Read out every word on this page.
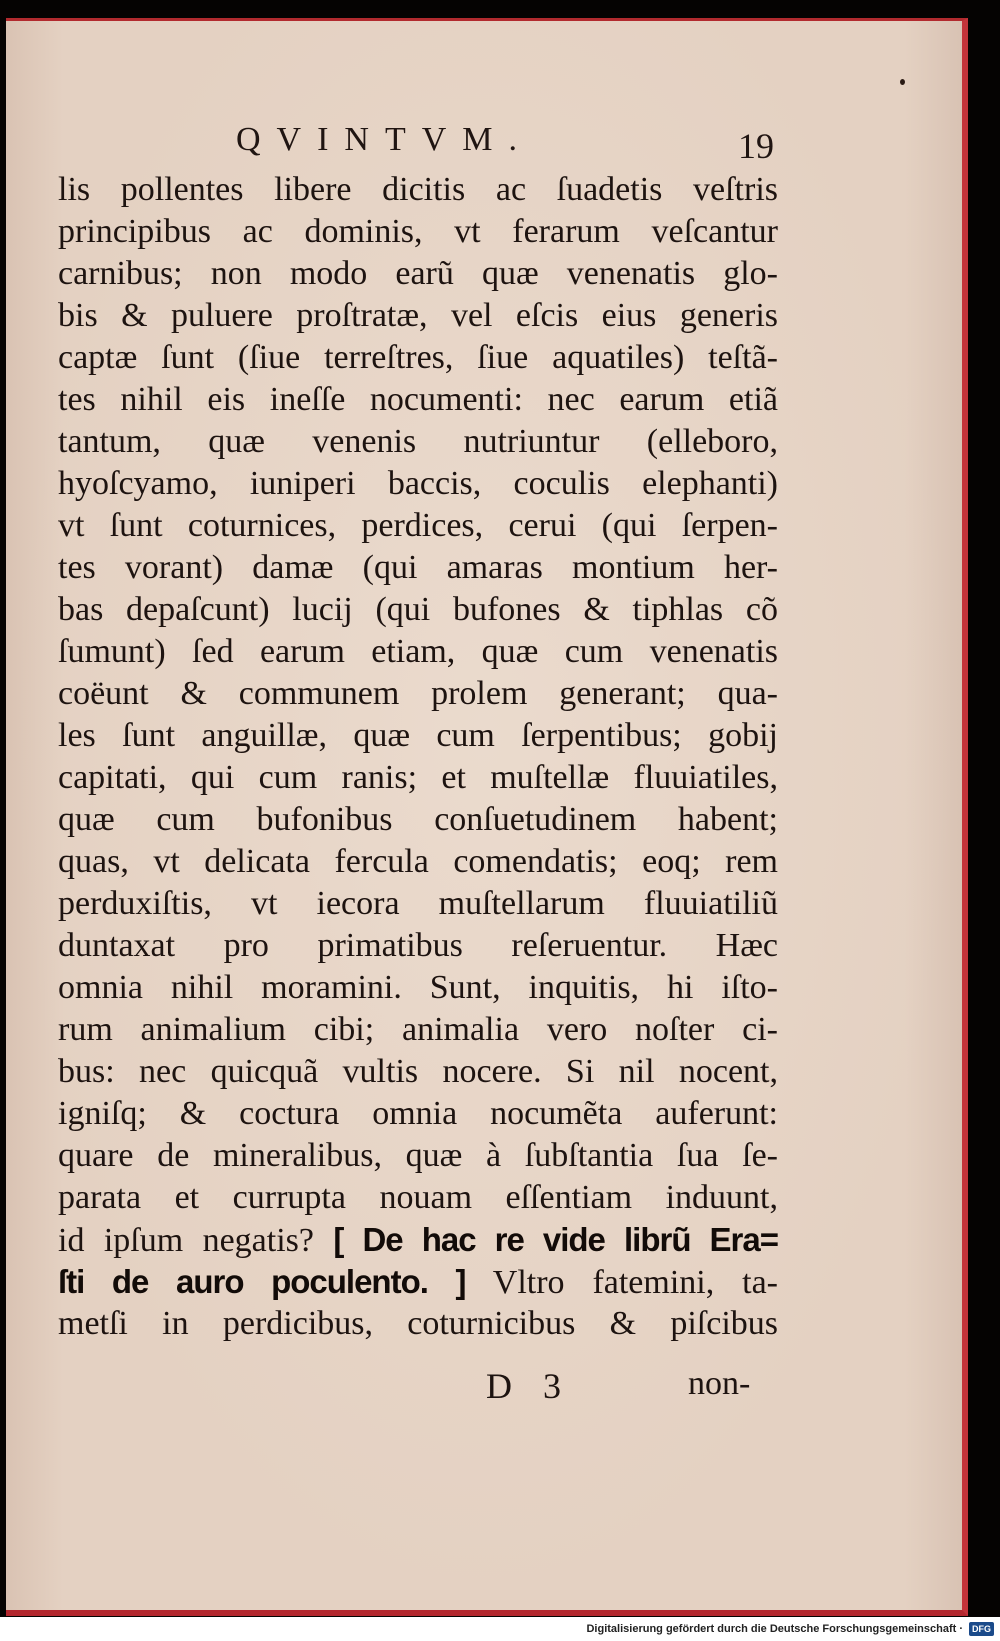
QVINTVM.	19
lis pollentes libere dicitis ac ſuadetis veſtris
principibus ac dominis, vt ferarum veſcantur
carnibus; non modo earũ quæ venenatis glo-
bis & puluere proſtratæ, vel eſcis eius generis
captæ ſunt (ſiue terreſtres, ſiue aquatiles) teſtã-
tes nihil eis ineſſe nocumenti: nec earum etiã
tantum, quæ venenis nutriuntur (elleboro,
hyoſcyamo, iuniperi baccis, coculis elephanti)
vt ſunt coturnices, perdices, cerui (qui ſerpen-
tes vorant) damæ (qui amaras montium her-
bas depaſcunt) lucij (qui bufones & tiphlas cõ
ſumunt) ſed earum etiam, quæ cum venenatis
coëunt & communem prolem generant; qua-
les ſunt anguillæ, quæ cum ſerpentibus; gobij
capitati, qui cum ranis; et muſtellæ fluuiatiles,
quæ cum bufonibus conſuetudinem habent;
quas, vt delicata fercula comendatis; eoq; rem
perduxiſtis, vt iecora muſtellarum fluuiatiliũ
duntaxat pro primatibus reſeruentur. Hæc
omnia nihil moramini. Sunt, inquitis, hi iſto-
rum animalium cibi; animalia vero noſter ci-
bus: nec quicquã vultis nocere. Si nil nocent,
igniſq; & coctura omnia nocumẽta auferunt:
quare de mineralibus, quæ à ſubſtantia ſua ſe-
parata et currupta nouam eſſentiam induunt,
id ipſum negatis? [ De hac re vide librũ Era=
ſti de auro poculento. ] Vltro fatemini, ta-
metſi in perdicibus, coturnicibus & piſcibus
D 3	non-
Digitalisierung gefördert durch die Deutsche Forschungsgemeinschaft ·	DFG
